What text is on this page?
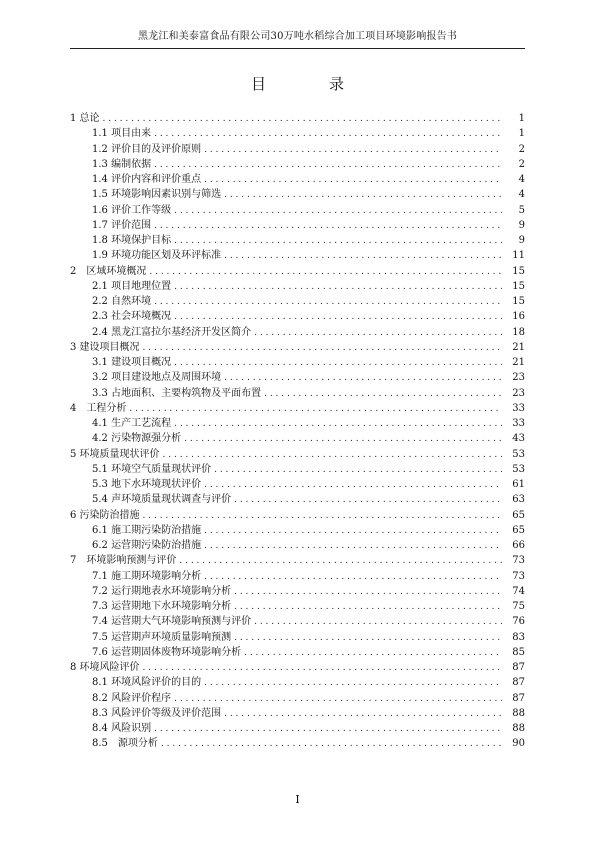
黑龙江和美泰富食品有限公司30万吨水稻综合加工项目环境影响报告书
目　录
1 总论 . . .	1
1.1 项目由来 . . .	1
1.2 评价目的及评价原则 . . .	2
1.3 编制依据 . . .	2
1.4 评价内容和评价重点 . . .	4
1.5 环境影响因素识别与筛选 . . .	4
1.6 评价工作等级 . . .	5
1.7 评价范围 . . .	9
1.8 环境保护目标 . . .	9
1.9 环境功能区划及环评标准 . . .	11
2　区域环境概况 . . .	15
2.1 项目地理位置 . . .	15
2.2 自然环境 . . .	15
2.3 社会环境概况 . . .	16
2.4 黑龙江富拉尔基经济开发区简介 . . .	18
3 建设项目概况 . . .	21
3.1 建设项目概况 . . .	21
3.2 项目建设地点及周围环境 . . .	23
3.3 占地面积、主要构筑物及平面布置 . . .	23
4　工程分析 . . .	33
4.1 生产工艺流程 . . .	33
4.2 污染物源强分析 . . .	43
5 环境质量现状评价 . . .	53
5.1 环境空气质量现状评价 . . .	53
5.3 地下水环境现状评价 . . .	61
5.4 声环境质量现状调查与评价 . . .	63
6 污染防治措施 . . .	65
6.1 施工期污染防治措施 . . .	65
6.2 运营期污染防治措施 . . .	66
7　环境影响预测与评价 . . .	73
7.1 施工期环境影响分析 . . .	73
7.2 运行期地表水环境影响分析 . . .	74
7.3 运营期地下水环境影响分析 . . .	75
7.4 运营期大气环境影响预测与评价 . . .	76
7.5 运营期声环境质量影响预测 . . .	83
7.6 运营期固体废物环境影响分析 . . .	85
8 环境风险评价 . . .	87
8.1 环境风险评价的目的 . . .	87
8.2 风险评价程序 . . .	87
8.3 风险评价等级及评价范围 . . .	88
8.4 风险识别 . . .	88
8.5　源项分析 . . .	90
I
